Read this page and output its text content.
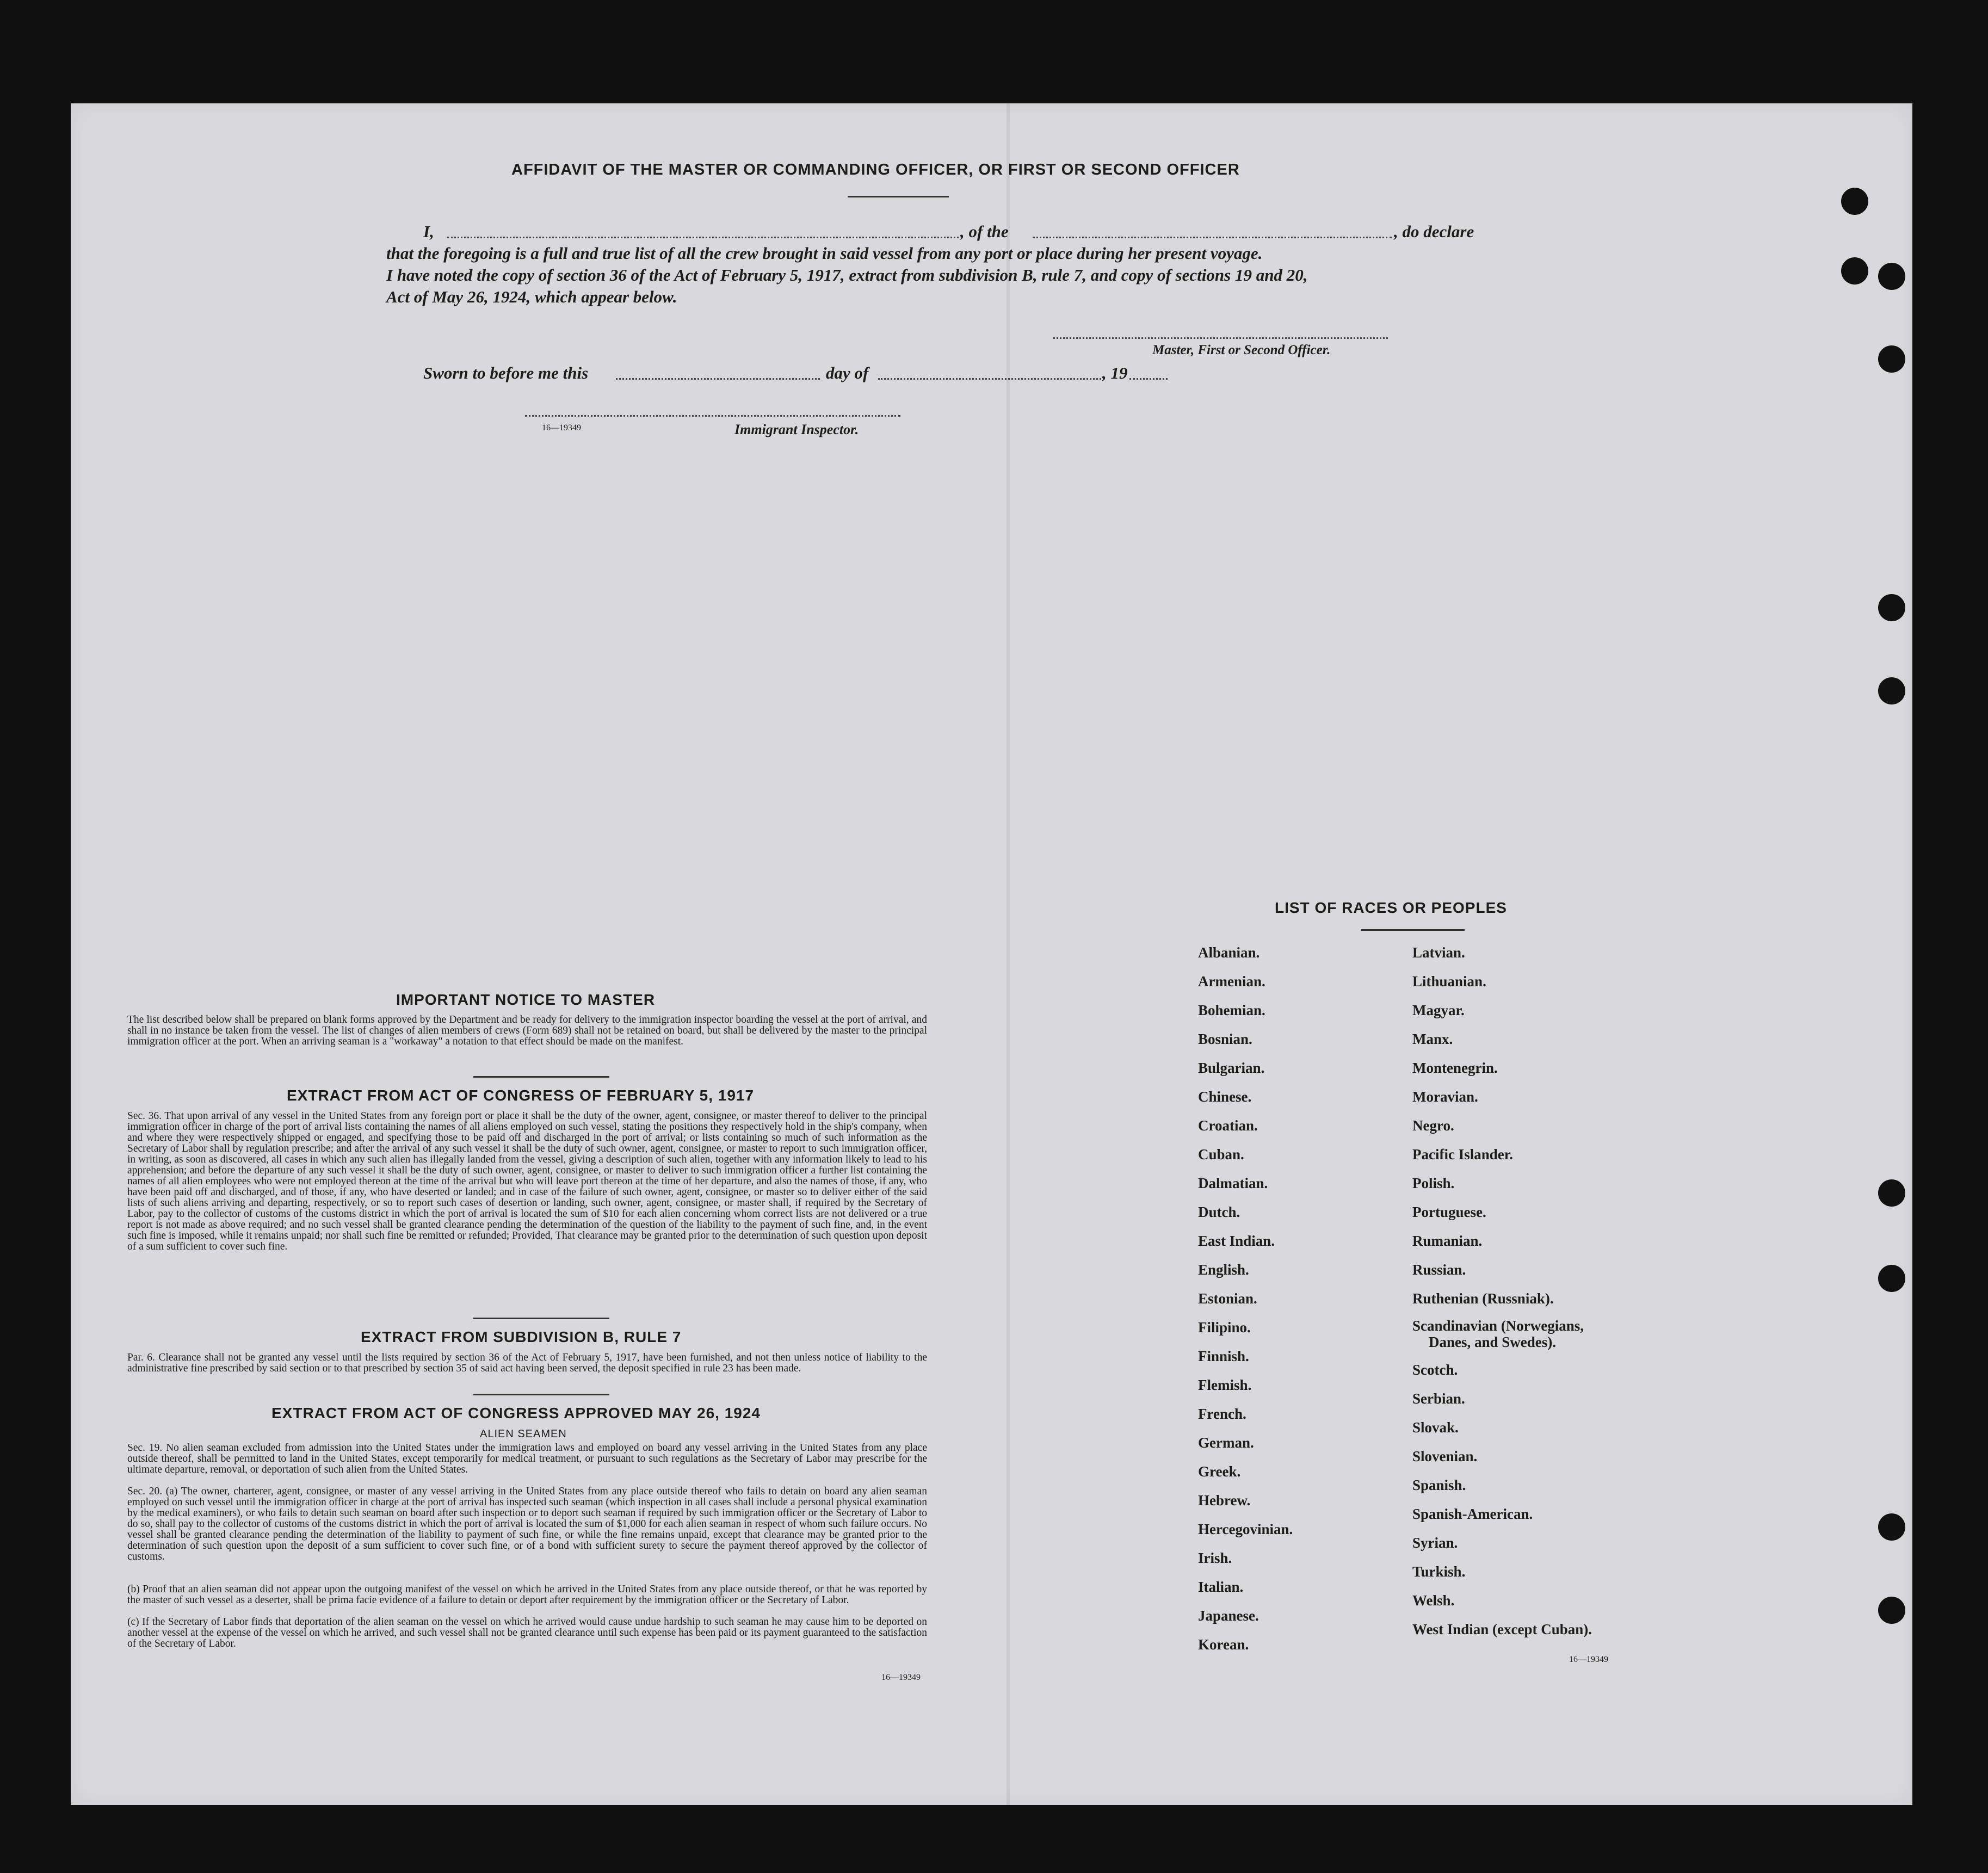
AFFIDAVIT OF THE MASTER OR COMMANDING OFFICER, OR FIRST OR SECOND OFFICER
I,	, of the	, do declare
that the foregoing is a full and true list of all the crew brought in said vessel from any port or place during her present voyage.
I have noted the copy of section 36 of the Act of February 5, 1917, extract from subdivision B, rule 7, and copy of sections 19 and 20,
Act of May 26, 1924, which appear below.
Master, First or Second Officer.
Sworn to before me this	day of	, 19
16—19349	Immigrant Inspector.
IMPORTANT NOTICE TO MASTER
The list described below shall be prepared on blank forms approved by the Department and be ready for delivery to the immigration inspector boarding the vessel at the port of arrival, and shall in no instance be taken from the vessel. The list of changes of alien members of crews (Form 689) shall not be retained on board, but shall be delivered by the master to the principal immigration officer at the port. When an arriving seaman is a "workaway" a notation to that effect should be made on the manifest.
EXTRACT FROM ACT OF CONGRESS OF FEBRUARY 5, 1917
Sec. 36. That upon arrival of any vessel in the United States from any foreign port or place it shall be the duty of the owner, agent, consignee, or master thereof to deliver to the principal immigration officer in charge of the port of arrival lists containing the names of all aliens employed on such vessel, stating the positions they respectively hold in the ship's company, when and where they were respectively shipped or engaged, and specifying those to be paid off and discharged in the port of arrival; or lists containing so much of such information as the Secretary of Labor shall by regulation prescribe; and after the arrival of any such vessel it shall be the duty of such owner, agent, consignee, or master to report to such immigration officer, in writing, as soon as discovered, all cases in which any such alien has illegally landed from the vessel, giving a description of such alien, together with any information likely to lead to his apprehension; and before the departure of any such vessel it shall be the duty of such owner, agent, consignee, or master to deliver to such immigration officer a further list containing the names of all alien employees who were not employed thereon at the time of the arrival but who will leave port thereon at the time of her departure, and also the names of those, if any, who have been paid off and discharged, and of those, if any, who have deserted or landed; and in case of the failure of such owner, agent, consignee, or master so to deliver either of the said lists of such aliens arriving and departing, respectively, or so to report such cases of desertion or landing, such owner, agent, consignee, or master shall, if required by the Secretary of Labor, pay to the collector of customs of the customs district in which the port of arrival is located the sum of $10 for each alien concerning whom correct lists are not delivered or a true report is not made as above required; and no such vessel shall be granted clearance pending the determination of the question of the liability to the payment of such fine, and, in the event such fine is imposed, while it remains unpaid; nor shall such fine be remitted or refunded; Provided, That clearance may be granted prior to the determination of such question upon deposit of a sum sufficient to cover such fine.
EXTRACT FROM SUBDIVISION B, RULE 7
Par. 6. Clearance shall not be granted any vessel until the lists required by section 36 of the Act of February 5, 1917, have been furnished, and not then unless notice of liability to the administrative fine prescribed by said section or to that prescribed by section 35 of said act having been served, the deposit specified in rule 23 has been made.
EXTRACT FROM ACT OF CONGRESS APPROVED MAY 26, 1924
ALIEN SEAMEN
Sec. 19. No alien seaman excluded from admission into the United States under the immigration laws and employed on board any vessel arriving in the United States from any place outside thereof, shall be permitted to land in the United States, except temporarily for medical treatment, or pursuant to such regulations as the Secretary of Labor may prescribe for the ultimate departure, removal, or deportation of such alien from the United States.
Sec. 20. (a) The owner, charterer, agent, consignee, or master of any vessel arriving in the United States from any place outside thereof who fails to detain on board any alien seaman employed on such vessel until the immigration officer in charge at the port of arrival has inspected such seaman (which inspection in all cases shall include a personal physical examination by the medical examiners), or who fails to detain such seaman on board after such inspection or to deport such seaman if required by such immigration officer or the Secretary of Labor to do so, shall pay to the collector of customs of the customs district in which the port of arrival is located the sum of $1,000 for each alien seaman in respect of whom such failure occurs. No vessel shall be granted clearance pending the determination of the liability to payment of such fine, or while the fine remains unpaid, except that clearance may be granted prior to the determination of such question upon the deposit of a sum sufficient to cover such fine, or of a bond with sufficient surety to secure the payment thereof approved by the collector of customs.
(b) Proof that an alien seaman did not appear upon the outgoing manifest of the vessel on which he arrived in the United States from any place outside thereof, or that he was reported by the master of such vessel as a deserter, shall be prima facie evidence of a failure to detain or deport after requirement by the immigration officer or the Secretary of Labor.
(c) If the Secretary of Labor finds that deportation of the alien seaman on the vessel on which he arrived would cause undue hardship to such seaman he may cause him to be deported on another vessel at the expense of the vessel on which he arrived, and such vessel shall not be granted clearance until such expense has been paid or its payment guaranteed to the satisfaction of the Secretary of Labor.
16—19349
LIST OF RACES OR PEOPLES
Albanian.
Armenian.
Bohemian.
Bosnian.
Bulgarian.
Chinese.
Croatian.
Cuban.
Dalmatian.
Dutch.
East Indian.
English.
Estonian.
Filipino.
Finnish.
Flemish.
French.
German.
Greek.
Hebrew.
Hercegovinian.
Irish.
Italian.
Japanese.
Korean.
Latvian.
Lithuanian.
Magyar.
Manx.
Montenegrin.
Moravian.
Negro.
Pacific Islander.
Polish.
Portuguese.
Rumanian.
Russian.
Ruthenian (Russniak).
Scandinavian (Norwegians,
Danes, and Swedes).
Scotch.
Serbian.
Slovak.
Slovenian.
Spanish.
Spanish-American.
Syrian.
Turkish.
Welsh.
West Indian (except Cuban).
16—19349
